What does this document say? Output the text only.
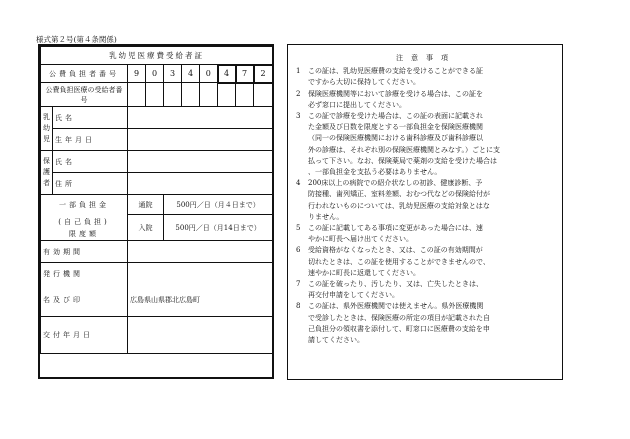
様式第２号(第４条関係)
乳幼児医療費受給者証									
公費負担者番号		9	0	3	4	0	4	7	2
公費負担医療の受給者番号									
乳幼児	氏名								
	生年月日								
保護者	氏名								
	住所								
一部負担金		通院		500円／日（月４日まで）					
(自己負担)		入院		500円／日（月14日まで）					
限度額									
有効期間									
発行機関									
名及び印		広島県山県郡北広島町							
交付年月日									
注意事項
1	この証は、乳幼児医療費の支給を受けることができる証
ですから大切に保持してください。
2	保険医療機関等において診療を受ける場合は、この証を
必ず窓口に提出してください。
3	この証で診療を受けた場合は、この証の表面に記載され
た金額及び日数を限度とする一部負担金を保険医療機関
（同一の保険医療機関における歯科診療及び歯科診療以
外の診療は、それぞれ別の保険医療機関とみなす。）ごとに支
払って下さい。なお、保険薬局で薬剤の支給を受けた場合は
、一部負担金を支払う必要はありません。
4	200床以上の病院での紹介状なしの初診、健康診断、予
防接種、歯列矯正、室料差額、おむつ代などの保険給付が
行われないものについては、乳幼児医療の支給対象とはな
りません。
5	この証に記載してある事項に変更があった場合には、速
やかに町長へ届け出てください。
6	受給資格がなくなったとき、又は、この証の有効期間が
切れたときは、この証を使用することができませんので、
速やかに町長に返還してください。
7	この証を破ったり、汚したり、又は、亡失したときは、
再交付申請をしてください。
8	この証は、県外医療機関では使えません。県外医療機関
で受診したときは、保険医療の所定の項目が記載された自
己負担分の領収書を添付して、町窓口に医療費の支給を申
請してください。
